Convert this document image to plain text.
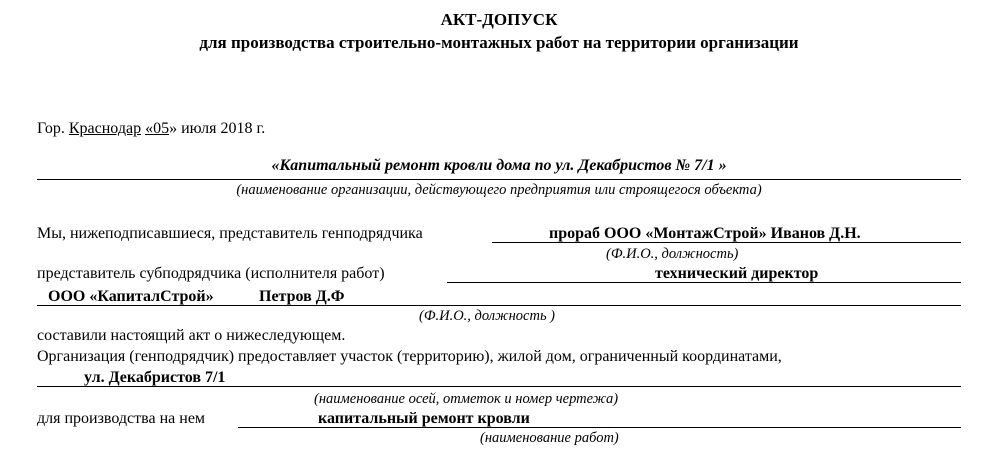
АКТ-ДОПУСК
для производства строительно-монтажных работ на территории организации
Гор. Краснодар «05» июля 2018 г.
«Капитальный ремонт кровли дома по ул. Декабристов № 7/1 »
(наименование организации, действующего предприятия или строящегося объекта)
Мы, нижеподписавшиеся, представитель генподрядчика	прораб ООО «МонтажСтрой» Иванов Д.Н.
(Ф.И.О., должность)
представитель субподрядчика (исполнителя работ)	технический директор
ООО «КапиталСтрой»	Петров Д.Ф
(Ф.И.О., должность )
составили настоящий акт о нижеследующем.
Организация (генподрядчик) предоставляет участок (территорию), жилой дом, ограниченный координатами,
ул. Декабристов 7/1
(наименование осей, отметок и номер чертежа)
для производства на нем	капитальный ремонт кровли
(наименование работ)
